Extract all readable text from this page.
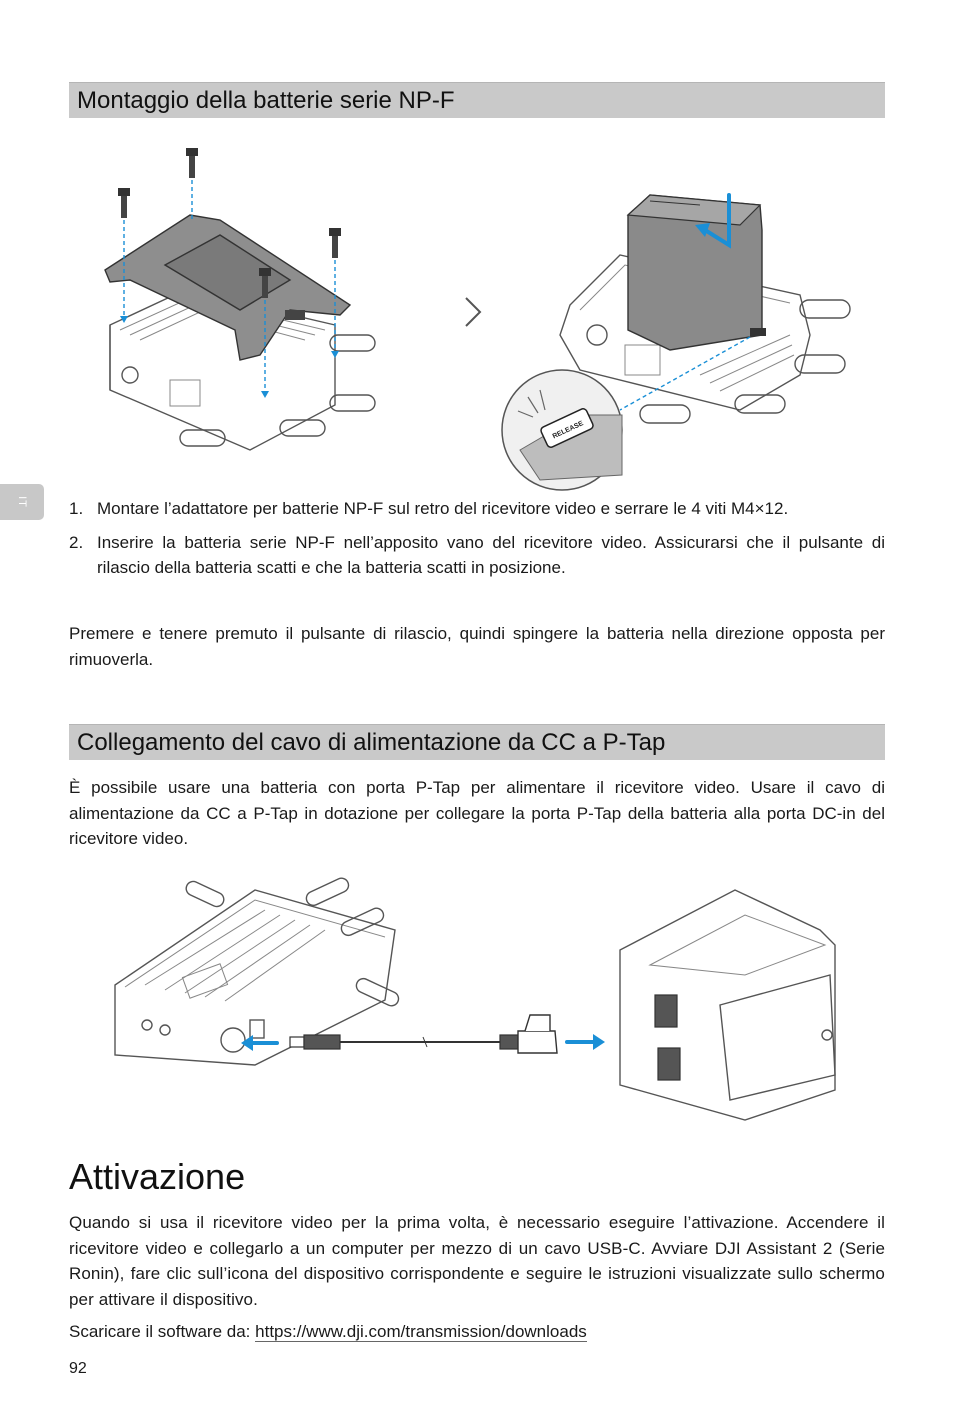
IT
Montaggio della batterie serie NP-F
RELEASE
1. Montare l’adattatore per batterie NP-F sul retro del ricevitore video e serrare le 4 viti M4×12.
2. Inserire la batteria serie NP-F nell’apposito vano del ricevitore video. Assicurarsi che il pulsante di rilascio della batteria scatti e che la batteria scatti in posizione.

Premere e tenere premuto il pulsante di rilascio, quindi spingere la batteria nella direzione opposta per rimuoverla.

Collegamento del cavo di alimentazione da CC a P-Tap

È possibile usare una batteria con porta P-Tap per alimentare il ricevitore video. Usare il cavo di alimentazione da CC a P-Tap in dotazione per collegare la porta P-Tap della batteria alla porta DC-in del ricevitore video.

Attivazione

Quando si usa il ricevitore video per la prima volta, è necessario eseguire l’attivazione. Accendere il ricevitore video e collegarlo a un computer per mezzo di un cavo USB-C. Avviare DJI Assistant 2 (Serie Ronin), fare clic sull’icona del dispositivo corrispondente e seguire le istruzioni visualizzate sullo schermo per attivare il dispositivo.

Scaricare il software da: https://www.dji.com/transmission/downloads

92
